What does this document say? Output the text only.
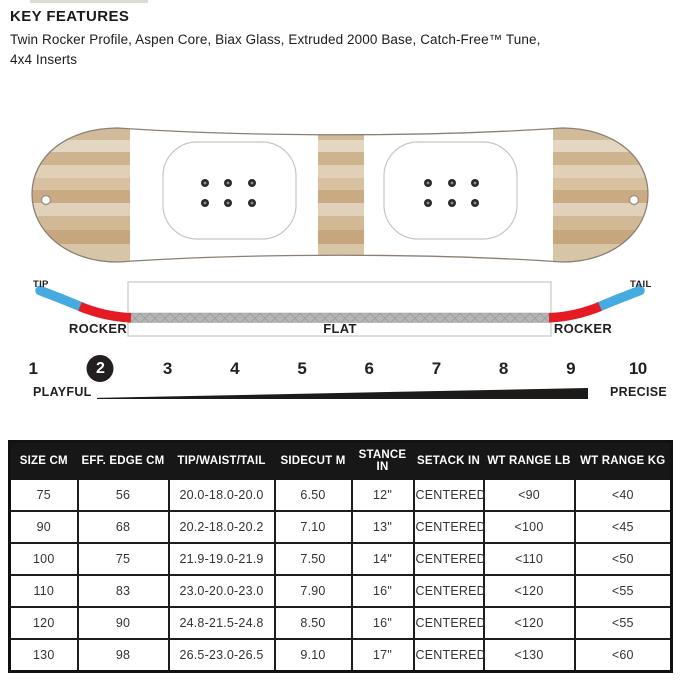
KEY FEATURES

Twin Rocker Profile, Aspen Core, Biax Glass, Extruded 2000 Base, Catch-Free™ Tune, 4x4 Inserts

TIP	TAIL
ROCKER	FLAT	ROCKER
1	2	3	4	5	6	7	8	9	10
PLAYFUL	PRECISE
SIZE CM	EFF. EDGE CM	TIP/WAIST/TAIL	SIDECUT M	STANCE IN	SETACK IN	WT RANGE LB	WT RANGE KG
75	56	20.0-18.0-20.0	6.50	12"	CENTERED	<90	<40
90	68	20.2-18.0-20.2	7.10	13"	CENTERED	<100	<45
100	75	21.9-19.0-21.9	7.50	14"	CENTERED	<110	<50
110	83	23.0-20.0-23.0	7.90	16"	CENTERED	<120	<55
120	90	24.8-21.5-24.8	8.50	16"	CENTERED	<120	<55
130	98	26.5-23.0-26.5	9.10	17"	CENTERED	<130	<60
